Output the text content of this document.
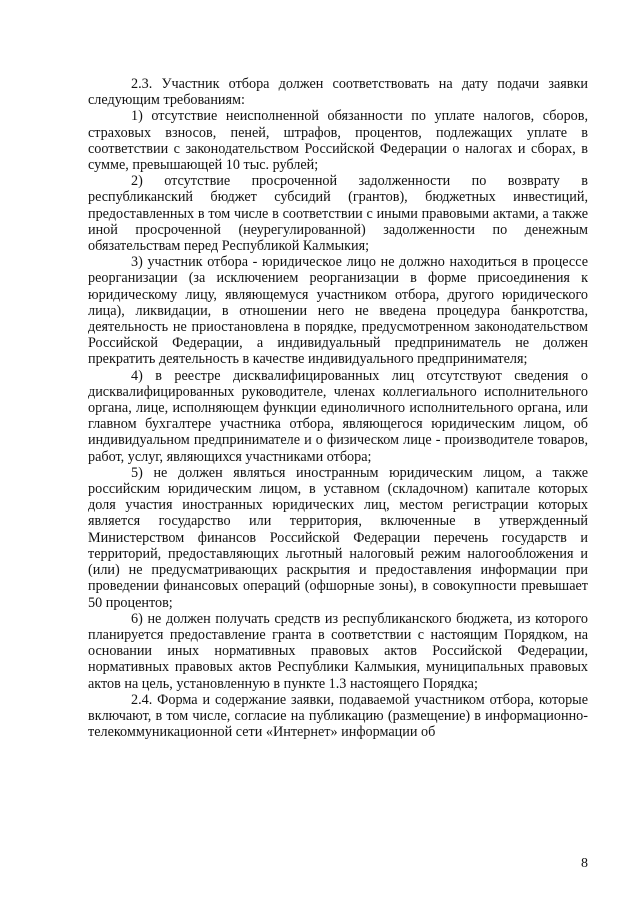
2.3. Участник отбора должен соответствовать на дату подачи заявки следующим требованиям:

1) отсутствие неисполненной обязанности по уплате налогов, сборов, страховых взносов, пеней, штрафов, процентов, подлежащих уплате в соответствии с законодательством Российской Федерации о налогах и сборах, в сумме, превышающей 10 тыс. рублей;

2) отсутствие просроченной задолженности по возврату в республиканский бюджет субсидий (грантов), бюджетных инвестиций, предоставленных в том числе в соответствии с иными правовыми актами, а также иной просроченной (неурегулированной) задолженности по денежным обязательствам перед Республикой Калмыкия;

3) участник отбора - юридическое лицо не должно находиться в процессе реорганизации (за исключением реорганизации в форме присоединения к юридическому лицу, являющемуся участником отбора, другого юридического лица), ликвидации, в отношении него не введена процедура банкротства, деятельность не приостановлена в порядке, предусмотренном законодательством Российской Федерации, а индивидуальный предприниматель не должен прекратить деятельность в качестве индивидуального предпринимателя;

4) в реестре дисквалифицированных лиц отсутствуют сведения о дисквалифицированных руководителе, членах коллегиального исполнительного органа, лице, исполняющем функции единоличного исполнительного органа, или главном бухгалтере участника отбора, являющегося юридическим лицом, об индивидуальном предпринимателе и о физическом лице - производителе товаров, работ, услуг, являющихся участниками отбора;

5) не должен являться иностранным юридическим лицом, а также российским юридическим лицом, в уставном (складочном) капитале которых доля участия иностранных юридических лиц, местом регистрации которых является государство или территория, включенные в утвержденный Министерством финансов Российской Федерации перечень государств и территорий, предоставляющих льготный налоговый режим налогообложения и (или) не предусматривающих раскрытия и предоставления информации при проведении финансовых операций (офшорные зоны), в совокупности превышает 50 процентов;

6) не должен получать средств из республиканского бюджета, из которого планируется предоставление гранта в соответствии с настоящим Порядком, на основании иных нормативных правовых актов Российской Федерации, нормативных правовых актов Республики Калмыкия, муниципальных правовых актов на цель, установленную в пункте 1.3 настоящего Порядка;

2.4. Форма и содержание заявки, подаваемой участником отбора, которые включают, в том числе, согласие на публикацию (размещение) в информационно-телекоммуникационной сети «Интернет» информации об

8
